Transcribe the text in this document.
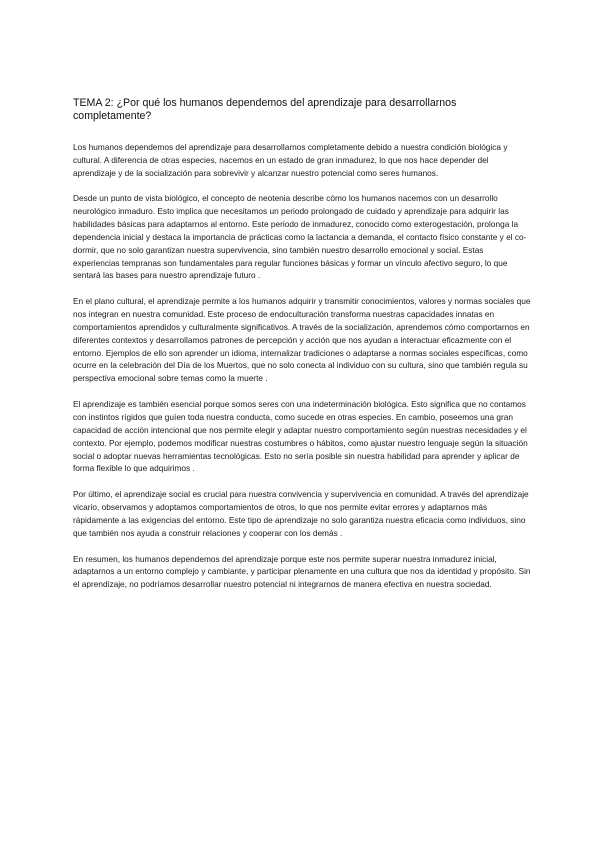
TEMA 2: ¿Por qué los humanos dependemos del aprendizaje para desarrollarnos completamente?

Los humanos dependemos del aprendizaje para desarrollarnos completamente debido a nuestra condición biológica y cultural. A diferencia de otras especies, nacemos en un estado de gran inmadurez, lo que nos hace depender del aprendizaje y de la socialización para sobrevivir y alcanzar nuestro potencial como seres humanos.

Desde un punto de vista biológico, el concepto de neotenia describe cómo los humanos nacemos con un desarrollo neurológico inmaduro. Esto implica que necesitamos un periodo prolongado de cuidado y aprendizaje para adquirir las habilidades básicas para adaptarnos al entorno. Este periodo de inmadurez, conocido como exterogestación, prolonga la dependencia inicial y destaca la importancia de prácticas como la lactancia a demanda, el contacto físico constante y el co-dormir, que no solo garantizan nuestra supervivencia, sino también nuestro desarrollo emocional y social. Estas experiencias tempranas son fundamentales para regular funciones básicas y formar un vínculo afectivo seguro, lo que sentará las bases para nuestro aprendizaje futuro .

En el plano cultural, el aprendizaje permite a los humanos adquirir y transmitir conocimientos, valores y normas sociales que nos integran en nuestra comunidad. Este proceso de endoculturación transforma nuestras capacidades innatas en comportamientos aprendidos y culturalmente significativos. A través de la socialización, aprendemos cómo comportarnos en diferentes contextos y desarrollamos patrones de percepción y acción que nos ayudan a interactuar eficazmente con el entorno. Ejemplos de ello son aprender un idioma, internalizar tradiciones o adaptarse a normas sociales específicas, como ocurre en la celebración del Día de los Muertos, que no solo conecta al individuo con su cultura, sino que también regula su perspectiva emocional sobre temas como la muerte .

El aprendizaje es también esencial porque somos seres con una indeterminación biológica. Esto significa que no contamos con instintos rígidos que guíen toda nuestra conducta, como sucede en otras especies. En cambio, poseemos una gran capacidad de acción intencional que nos permite elegir y adaptar nuestro comportamiento según nuestras necesidades y el contexto. Por ejemplo, podemos modificar nuestras costumbres o hábitos, como ajustar nuestro lenguaje según la situación social o adoptar nuevas herramientas tecnológicas. Esto no sería posible sin nuestra habilidad para aprender y aplicar de forma flexible lo que adquirimos .

Por último, el aprendizaje social es crucial para nuestra convivencia y supervivencia en comunidad. A través del aprendizaje vicario, observamos y adoptamos comportamientos de otros, lo que nos permite evitar errores y adaptarnos más rápidamente a las exigencias del entorno. Este tipo de aprendizaje no solo garantiza nuestra eficacia como individuos, sino que también nos ayuda a construir relaciones y cooperar con los demás .

En resumen, los humanos dependemos del aprendizaje porque este nos permite superar nuestra inmadurez inicial, adaptarnos a un entorno complejo y cambiante, y participar plenamente en una cultura que nos da identidad y propósito. Sin el aprendizaje, no podríamos desarrollar nuestro potencial ni integrarnos de manera efectiva en nuestra sociedad.
